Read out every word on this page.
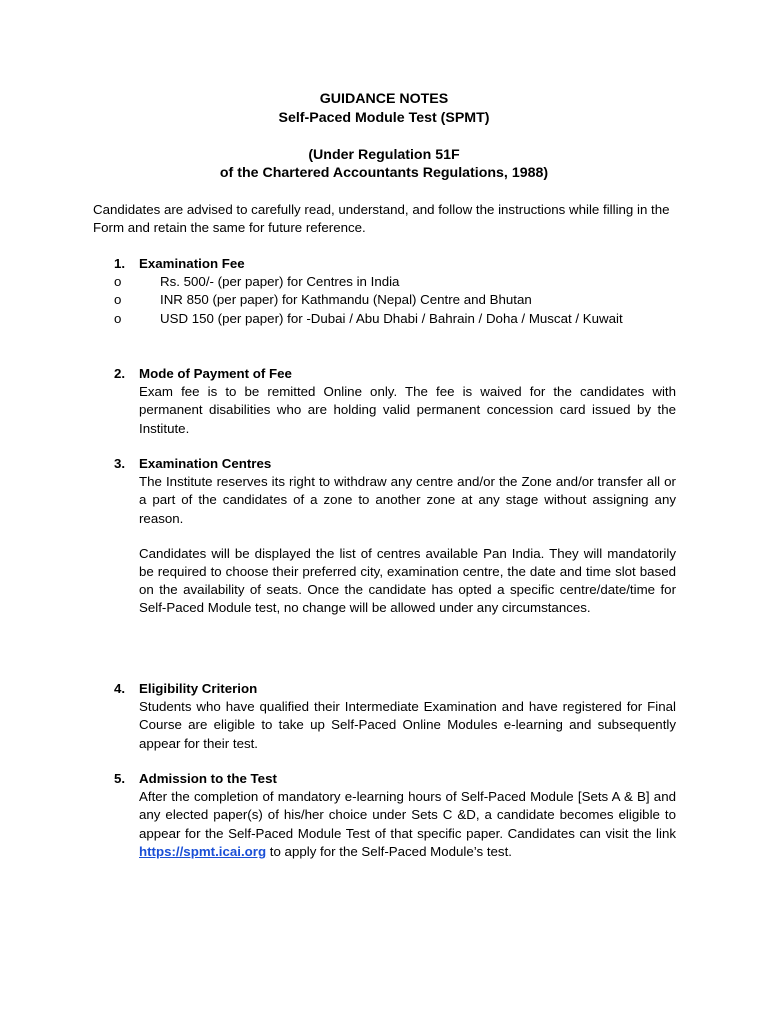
GUIDANCE NOTES
Self-Paced Module Test (SPMT)
(Under Regulation 51F
of the Chartered Accountants Regulations, 1988)
Candidates are advised to carefully read, understand, and follow the instructions while filling in the Form and retain the same for future reference.
1. Examination Fee
o	Rs. 500/- (per paper) for Centres in India
o	INR 850 (per paper) for Kathmandu (Nepal) Centre and Bhutan
o	USD 150 (per paper) for -Dubai / Abu Dhabi / Bahrain / Doha / Muscat / Kuwait
2. Mode of Payment of Fee

Exam fee is to be remitted Online only. The fee is waived for the candidates with permanent disabilities who are holding valid permanent concession card issued by the Institute.

3. Examination Centres

The Institute reserves its right to withdraw any centre and/or the Zone and/or transfer all or a part of the candidates of a zone to another zone at any stage without assigning any reason.

Candidates will be displayed the list of centres available Pan India. They will mandatorily be required to choose their preferred city, examination centre, the date and time slot based on the availability of seats. Once the candidate has opted a specific centre/date/time for Self-Paced Module test, no change will be allowed under any circumstances.

4. Eligibility Criterion

Students who have qualified their Intermediate Examination and have registered for Final Course are eligible to take up Self-Paced Online Modules e-learning and subsequently appear for their test.

5. Admission to the Test

After the completion of mandatory e-learning hours of Self-Paced Module [Sets A & B] and any elected paper(s) of his/her choice under Sets C &D, a candidate becomes eligible to appear for the Self-Paced Module Test of that specific paper. Candidates can visit the link https://spmt.icai.org to apply for the Self-Paced Module’s test.
